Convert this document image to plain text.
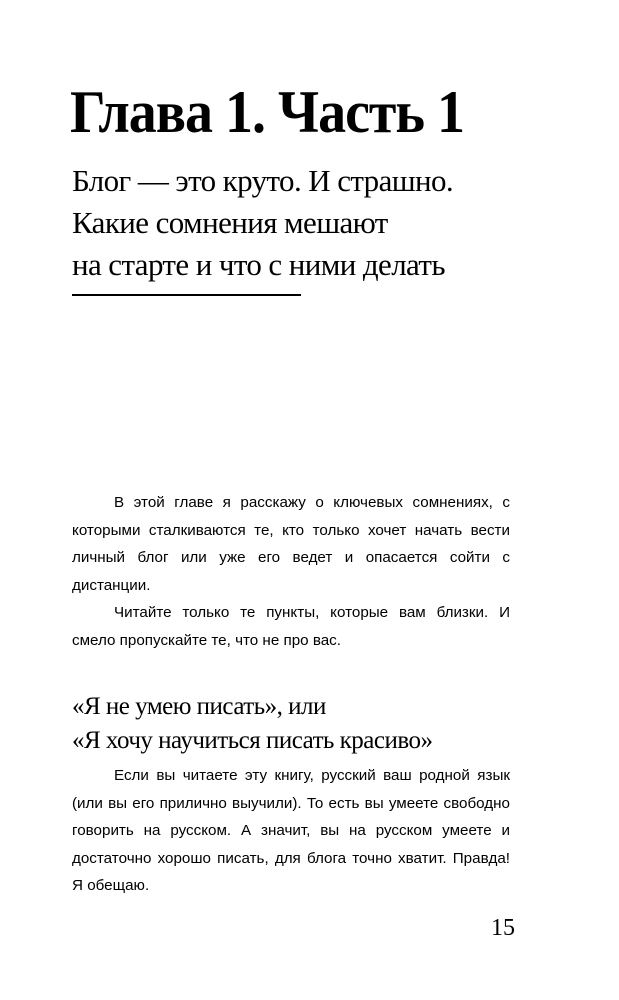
Глава 1. Часть 1
Блог — это круто. И страшно.
Какие сомнения мешают
на старте и что с ними делать

В этой главе я расскажу о ключевых сомнениях, с которыми сталкиваются те, кто только хочет начать вести личный блог или уже его ведет и опасается сойти с дистанции.

Читайте только те пункты, которые вам близки. И смело пропускайте те, что не про вас.

«Я не умею писать», или
«Я хочу научиться писать красиво»

Если вы читаете эту книгу, русский ваш родной язык (или вы его прилично выучили). То есть вы умеете свободно говорить на русском. А значит, вы на русском умеете и достаточно хорошо писать, для блога точно хватит. Правда! Я обещаю.

15
